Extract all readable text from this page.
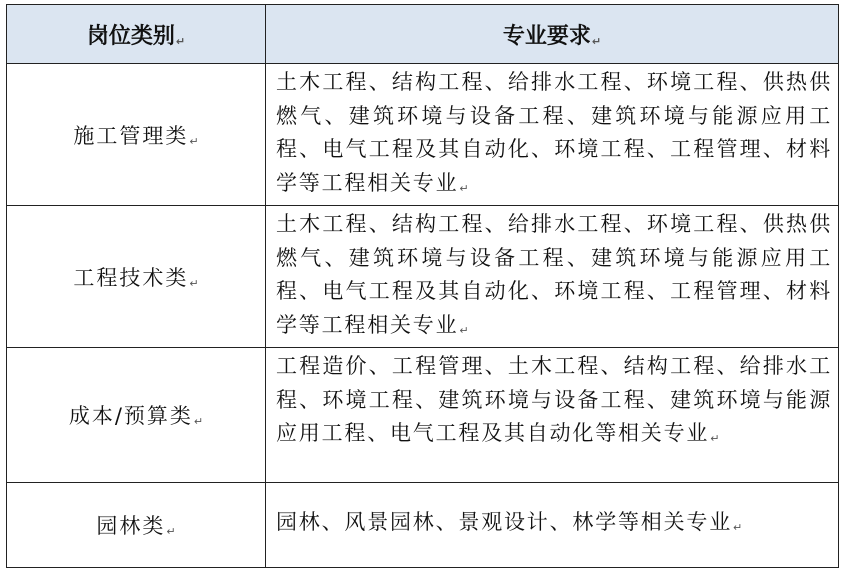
岗位类别↵	专业要求↵
施工管理类↵	土木工程、结构工程、给排水工程、环境工程、供热供燃气、建筑环境与设备工程、建筑环境与能源应用工程、电气工程及其自动化、环境工程、工程管理、材料学等工程相关专业↵
工程技术类↵	土木工程、结构工程、给排水工程、环境工程、供热供燃气、建筑环境与设备工程、建筑环境与能源应用工程、电气工程及其自动化、环境工程、工程管理、材料学等工程相关专业↵
成本/预算类↵	工程造价、工程管理、土木工程、结构工程、给排水工程、环境工程、建筑环境与设备工程、建筑环境与能源应用工程、电气工程及其自动化等相关专业↵
园林类↵	园林、风景园林、景观设计、林学等相关专业↵
